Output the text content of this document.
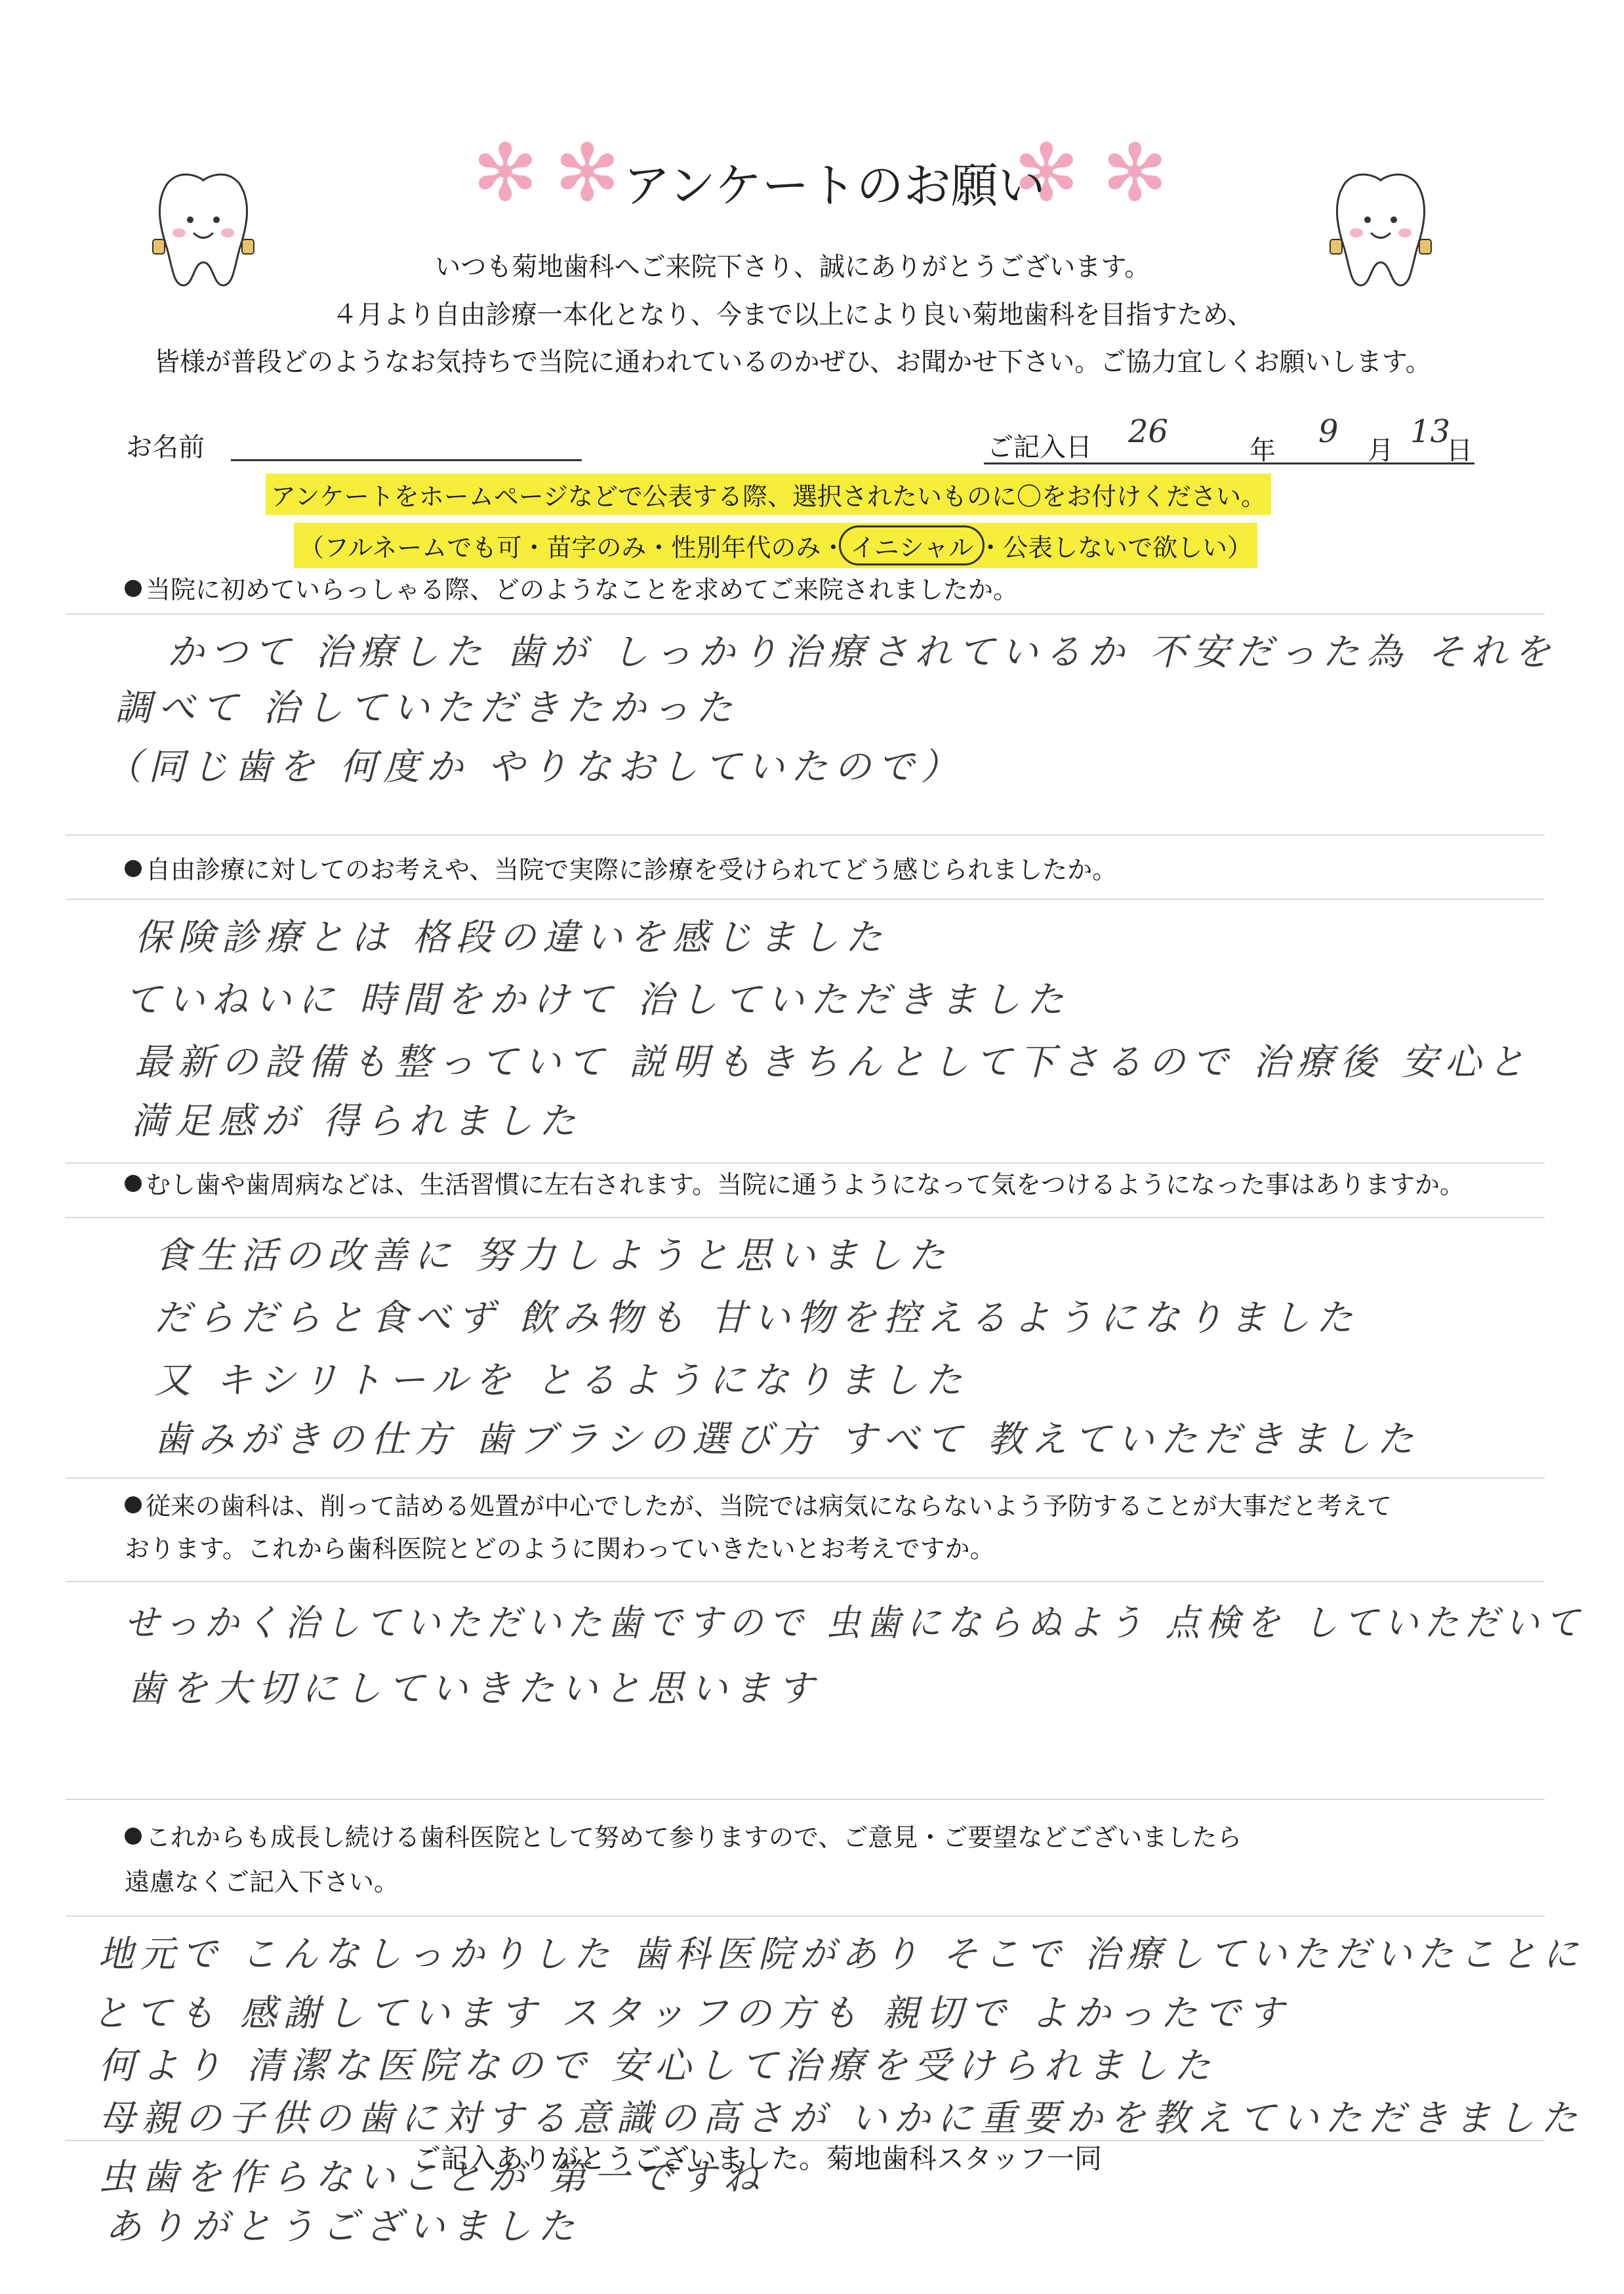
✻ ✻	✻ ✻
アンケートのお願い
いつも菊地歯科へご来院下さり、誠にありがとうございます。
４月より自由診療一本化となり、今まで以上により良い菊地歯科を目指すため、
皆様が普段どのようなお気持ちで当院に通われているのかぜひ、お聞かせ下さい。ご協力宜しくお願いします。
お名前	ご記入日 26
年
9
月
13
日
アンケートをホームページなどで公表する際、選択されたいものに〇をお付けください。
（フルネームでも可・苗字のみ・性別年代のみ・ イニシャル ・公表しないで欲しい）
当院に初めていらっしゃる際、どのようなことを求めてご来院されましたか。
かつて 治療した 歯が しっかり治療されているか 不安だった為 それを
調べて 治していただきたかった
（同じ歯を 何度か やりなおしていたので）
自由診療に対してのお考えや、当院で実際に診療を受けられてどう感じられましたか。
保険診療とは 格段の違いを感じました
ていねいに 時間をかけて 治していただきました
最新の設備も整っていて 説明もきちんとして下さるので 治療後 安心と
満足感が 得られました
むし歯や歯周病などは、生活習慣に左右されます。当院に通うようになって気をつけるようになった事はありますか。
食生活の改善に 努力しようと思いました
だらだらと食べず 飲み物も 甘い物を控えるようになりました
又 キシリトールを とるようになりました
歯みがきの仕方 歯ブラシの選び方 すべて 教えていただきました
従来の歯科は、削って詰める処置が中心でしたが、当院では病気にならないよう予防することが大事だと考えて
おります。これから歯科医院とどのように関わっていきたいとお考えですか。
せっかく治していただいた歯ですので 虫歯にならぬよう 点検を していただいて
歯を大切にしていきたいと思います
これからも成長し続ける歯科医院として努めて参りますので、ご意見・ご要望などございましたら
遠慮なくご記入下さい。
地元で こんなしっかりした 歯科医院があり そこで 治療していただいたことに
とても 感謝しています スタッフの方も 親切で よかったです
何より 清潔な医院なので 安心して治療を受けられました
母親の子供の歯に対する意識の高さが いかに重要かを教えていただきました
ご記入ありがとうございました。菊地歯科スタッフ一同
虫歯を作らないことが 第一ですね
ありがとうございました
